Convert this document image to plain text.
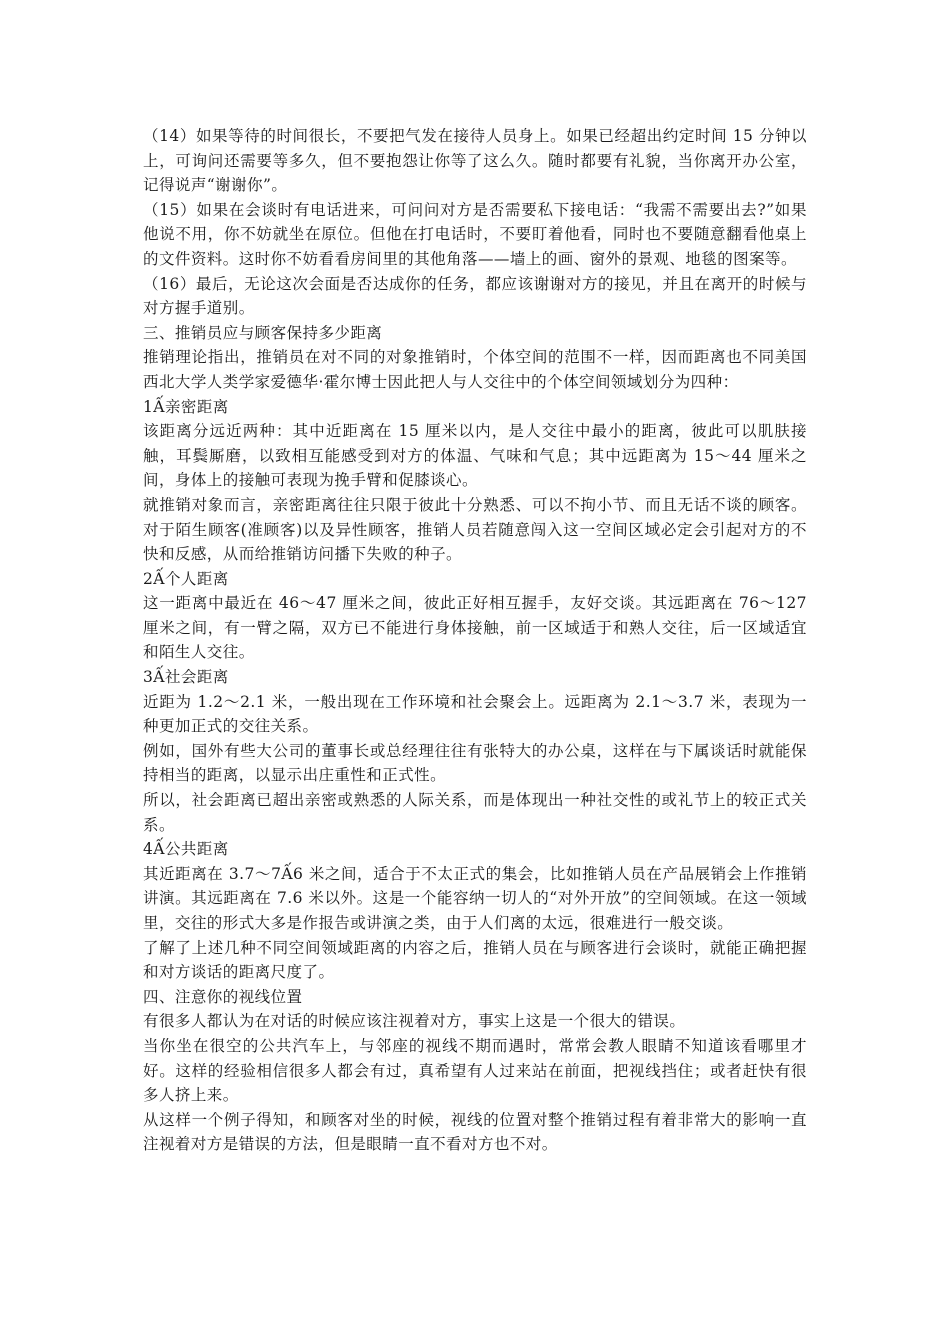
（14）如果等待的时间很长，不要把气发在接待人员身上。如果已经超出约定时间 15 分钟以上，可询问还需要等多久，但不要抱怨让你等了这么久。随时都要有礼貌，当你离开办公室，记得说声“谢谢你”。

（15）如果在会谈时有电话进来，可问问对方是否需要私下接电话：“我需不需要出去?”如果他说不用，你不妨就坐在原位。但他在打电话时，不要盯着他看，同时也不要随意翻看他桌上的文件资料。这时你不妨看看房间里的其他角落——墙上的画、窗外的景观、地毯的图案等。

（16）最后，无论这次会面是否达成你的任务，都应该谢谢对方的接见，并且在离开的时候与对方握手道别。

三、推销员应与顾客保持多少距离

推销理论指出，推销员在对不同的对象推销时，个体空间的范围不一样，因而距离也不同美国西北大学人类学家爱德华·霍尔博士因此把人与人交往中的个体空间领域划分为四种：

1Ấ亲密距离

该距离分远近两种：其中近距离在 15 厘米以内，是人交往中最小的距离，彼此可以肌肤接触，耳鬓厮磨，以致相互能感受到对方的体温、气味和气息；其中远距离为 15～44 厘米之间，身体上的接触可表现为挽手臂和促膝谈心。

就推销对象而言，亲密距离往往只限于彼此十分熟悉、可以不拘小节、而且无话不谈的顾客。对于陌生顾客(准顾客)以及异性顾客，推销人员若随意闯入这一空间区域必定会引起对方的不快和反感，从而给推销访问播下失败的种子。

2Ấ个人距离

这一距离中最近在 46～47 厘米之间，彼此正好相互握手，友好交谈。其远距离在 76～127 厘米之间，有一臂之隔，双方已不能进行身体接触，前一区域适于和熟人交往，后一区域适宜和陌生人交往。

3Ấ社会距离

近距为 1.2～2.1 米，一般出现在工作环境和社会聚会上。远距离为 2.1～3.7 米，表现为一种更加正式的交往关系。

例如，国外有些大公司的董事长或总经理往往有张特大的办公桌，这样在与下属谈话时就能保持相当的距离，以显示出庄重性和正式性。

所以，社会距离已超出亲密或熟悉的人际关系，而是体现出一种社交性的或礼节上的较正式关系。

4Ấ公共距离

其近距离在 3.7～7Ấ6 米之间，适合于不太正式的集会，比如推销人员在产品展销会上作推销讲演。其远距离在 7.6 米以外。这是一个能容纳一切人的“对外开放”的空间领域。在这一领域里，交往的形式大多是作报告或讲演之类，由于人们离的太远，很难进行一般交谈。

了解了上述几种不同空间领域距离的内容之后，推销人员在与顾客进行会谈时，就能正确把握和对方谈话的距离尺度了。

四、注意你的视线位置

有很多人都认为在对话的时候应该注视着对方，事实上这是一个很大的错误。

当你坐在很空的公共汽车上，与邻座的视线不期而遇时，常常会教人眼睛不知道该看哪里才好。这样的经验相信很多人都会有过，真希望有人过来站在前面，把视线挡住；或者赶快有很多人挤上来。

从这样一个例子得知，和顾客对坐的时候，视线的位置对整个推销过程有着非常大的影响一直注视着对方是错误的方法，但是眼睛一直不看对方也不对。
